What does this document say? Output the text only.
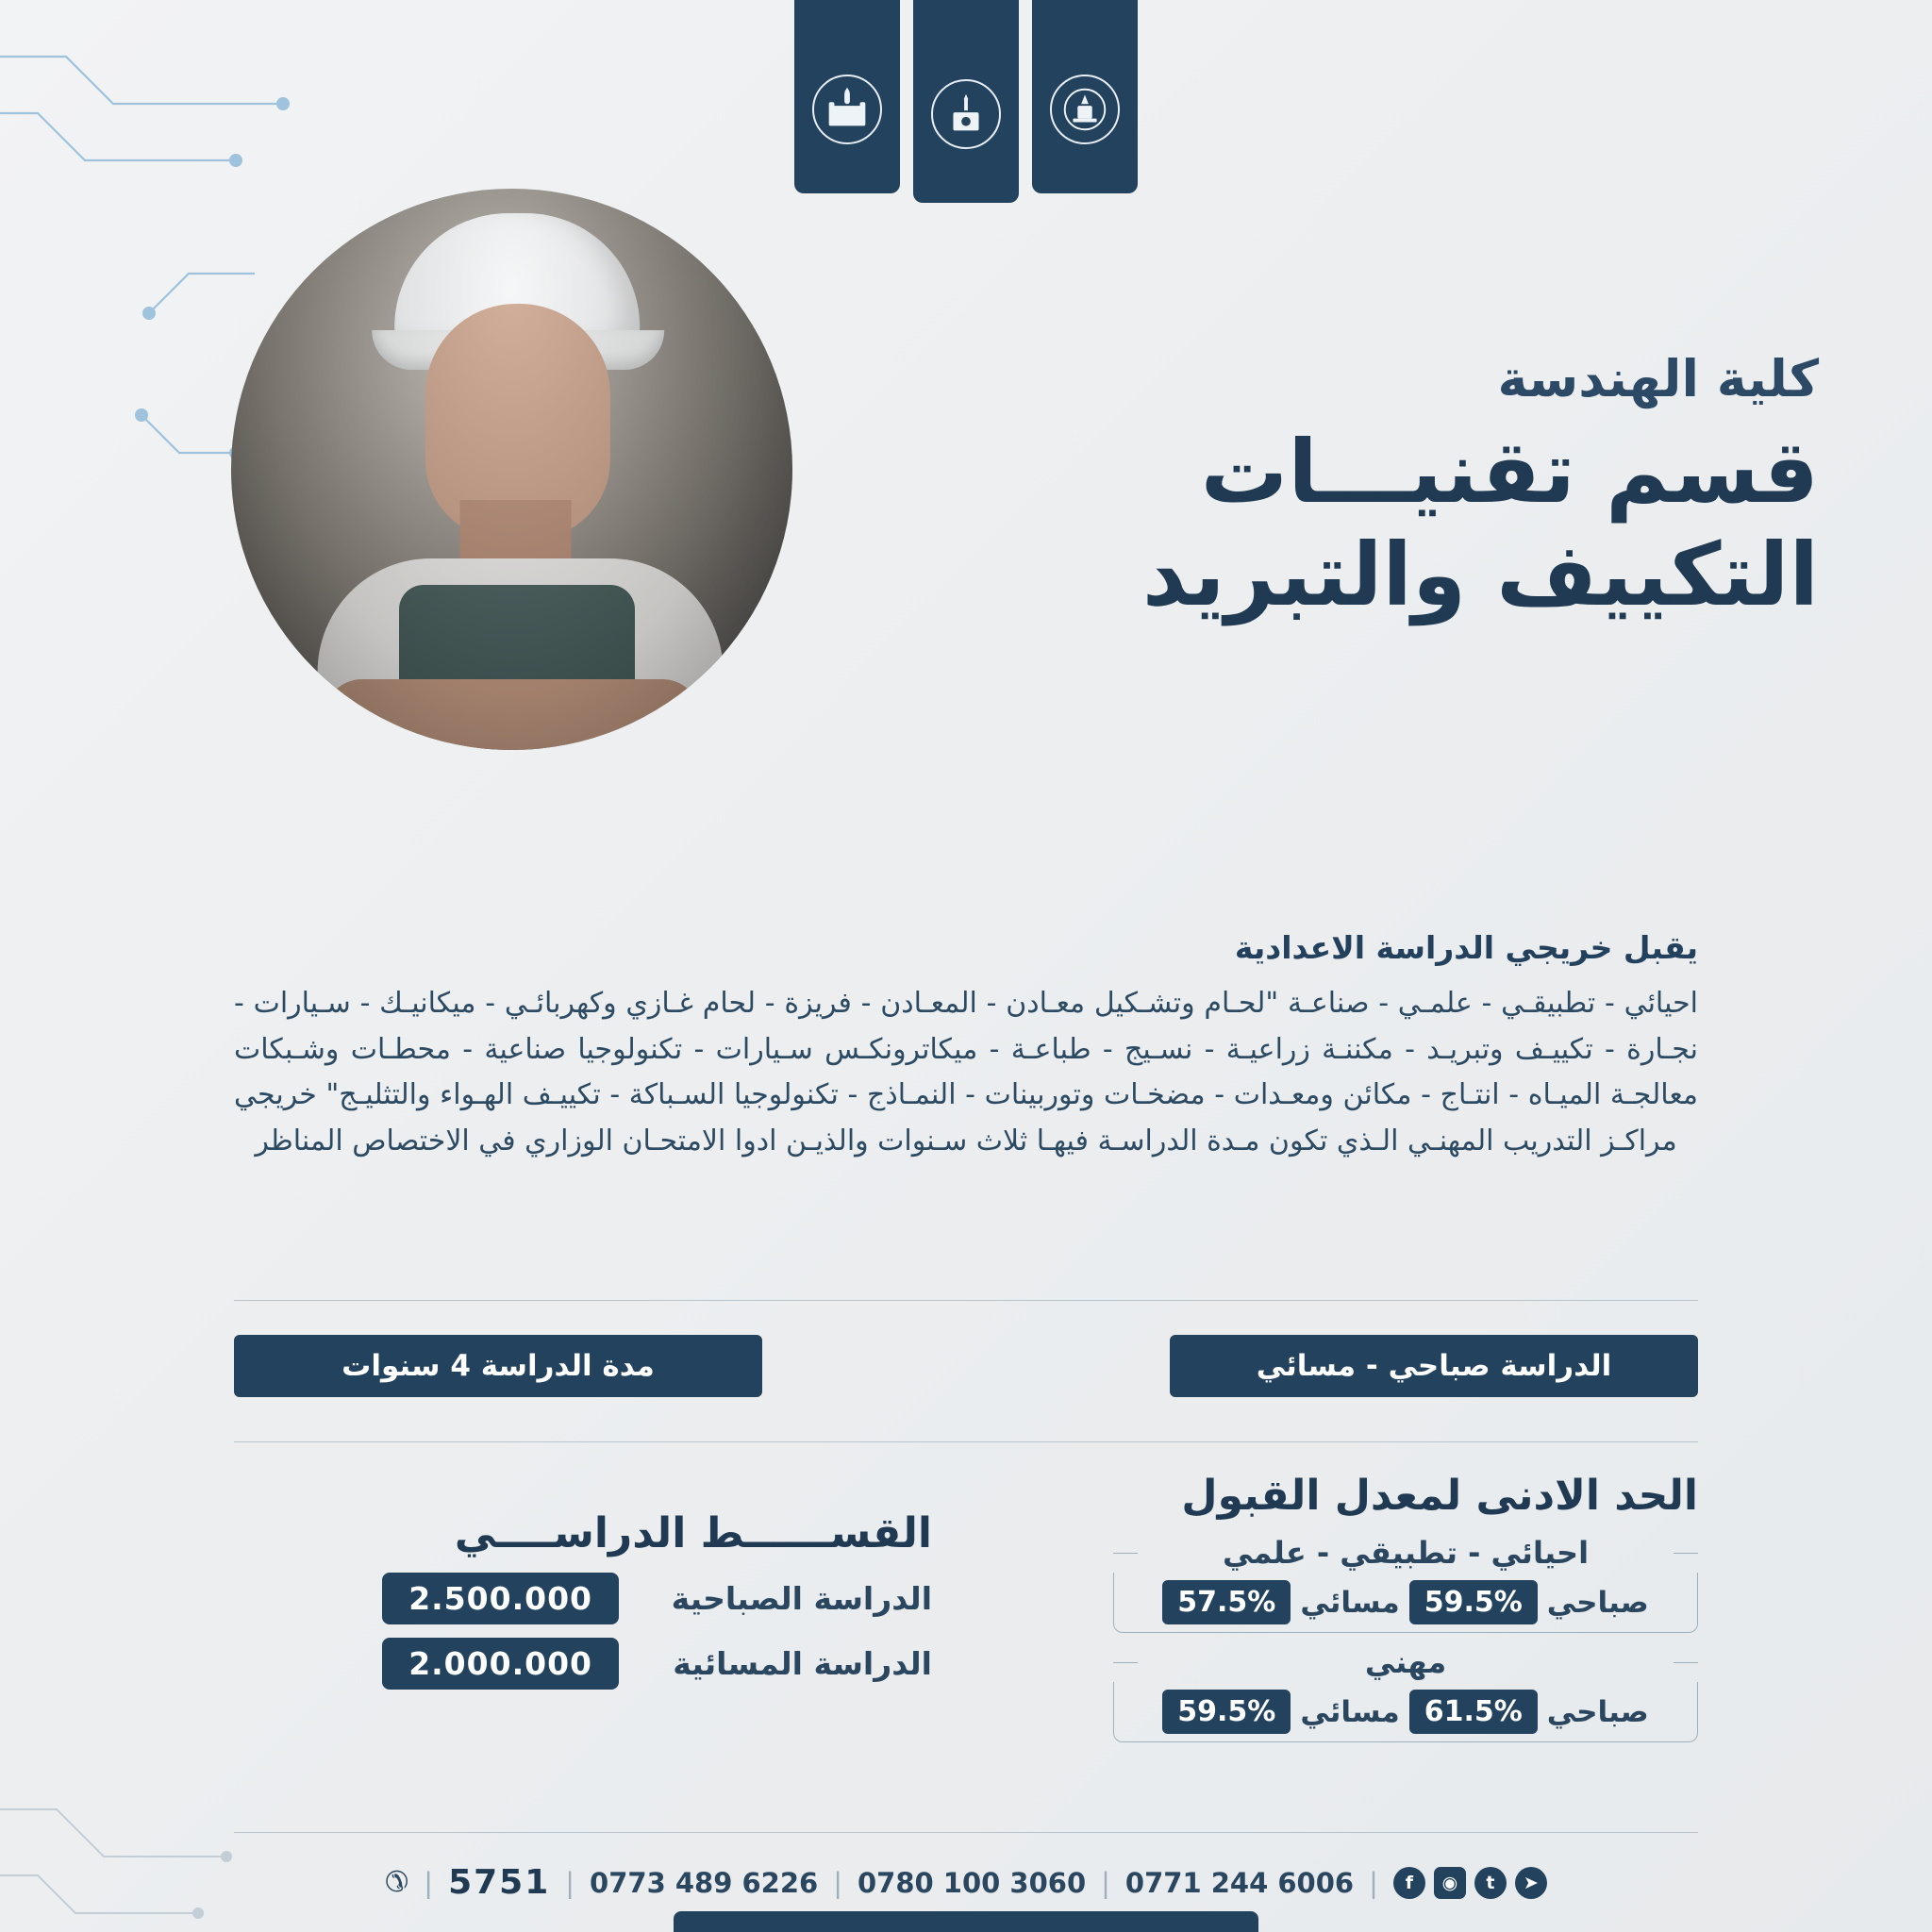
كلية الهندسة
قسم تقنيـــات
التكييف والتبريد
يقبل خريجي الدراسة الاعدادية
احيائي - تطبيقـي - علمـي - صناعـة "لحـام وتشـكيل معـادن - المعـادن - فريزة - لحام غـازي وكهربائـي - ميكانيـك - سـيارات - نجـارة - تكييـف وتبريـد - مكننـة زراعيـة - نسـيج - طباعـة - ميكاترونكـس سـيارات - تكنولوجيا صناعية - محطـات وشـبكات معالجـة الميـاه - انتـاج - مكائن ومعـدات - مضخـات وتوربينات - النمـاذج - تكنولوجيا السـباكة - تكييـف الهـواء والتثليـج" خريجي مراكـز التدريب المهنـي الـذي تكون مـدة الدراسـة فيهـا ثلاث سـنوات والذيـن ادوا الامتحـان الوزاري في الاختصاص المناظر
الدراسة صباحي - مسائي
مدة الدراسة 4 سنوات
الحد الادنى لمعدل القبول
احيائي - تطبيقي - علمي
صباحي
59.5%
مسائي
57.5%
مهني
صباحي
61.5%
مسائي
59.5%
القســــــط الدراســــي
الدراسة الصباحية
2.500.000
الدراسة المسائية
2.000.000
✆ | 5751 | 0773 489 6226 | 0780 100 3060 | 0771 244 6006 |	f	◉	t	➤
